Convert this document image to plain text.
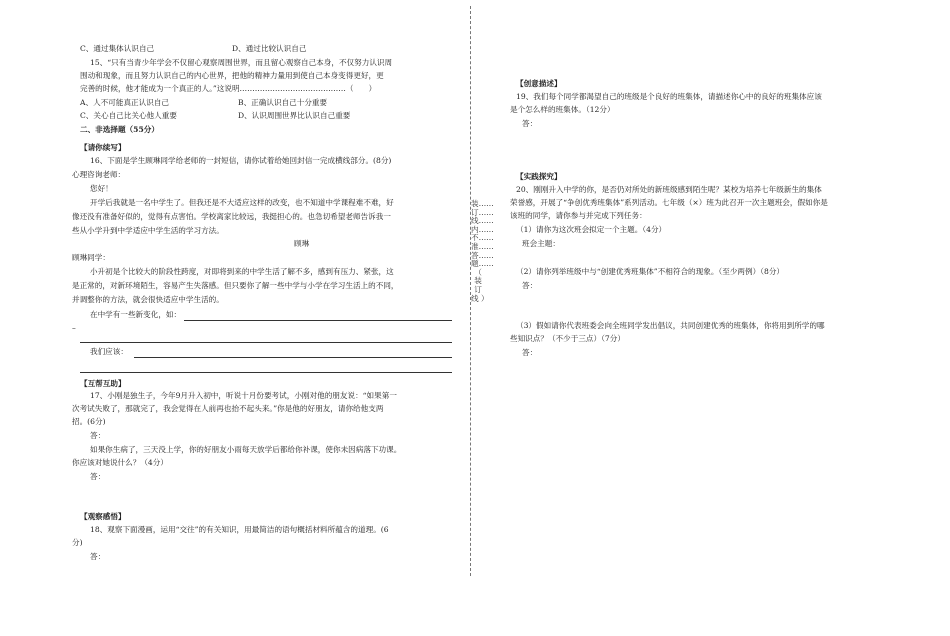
C、通过集体认识自己	D、通过比较认识自己
15、“只有当青少年学会不仅留心观察周围世界，而且留心观察自己本身，不仅努力认识周
围动和现象，而且努力认识自己的内心世界，把他的精神力量用到使自己本身变得更好，更
完善的时候，他才能成为一个真正的人。”这说明……………………………………（　　）
A、人不可能真正认识自己	B、正确认识自己十分重要
C、关心自己比关心他人重要	D、认识周围世界比认识自己重要
二、非选择题（55分）
【请你续写】
16、下面是学生顾琳同学给老师的一封短信，请你试着给她回封信一完成横线部分。(8分)
心理咨询老师：
您好！
开学后我就是一名中学生了。但我还是不大适应这样的改变，也不知道中学课程难不难，好
像还没有准备好似的，觉得有点害怕。学校离家比较远，我挺担心的。也急切希望老师告诉我一
些从小学升到中学适应中学生活的学习方法。
顾琳
顾琳同学：
小升初是个比较大的阶段性跨度，对即将到来的中学生活了解不多，感到有压力、紧张，这
是正常的，对新环境陌生，容易产生失落感。但只要你了解一些中学与小学在学习生活上的不同，
并调整你的方法，就会很快适应中学生活的。
在中学有一些新变化，如：
–
我们应该：
【互帮互助】
17、小刚是独生子，今年9月升入初中，听说十月份要考试，小刚对他的朋友说：“如果第一
次考试失败了，那就完了，我会觉得在人前再也抬不起头来。”你是他的好朋友，请你给他支两
招。(6分)
答：
如果你生病了，三天没上学，你的好朋友小雨每天放学后都给你补课，使你未因病落下功课。
你应该对她说什么？（4分）
答：
【观察感悟】
18、观察下面漫画，运用“交往”的有关知识，用最简洁的语句概括材料所蕴含的道理。(6
分)
答：
装……订……线……内……不……准……答……题……（ 装 订 线 ）
【创意描述】
19、我们每个同学都渴望自己的班级是个良好的班集体，请描述你心中的良好的班集体应该
是个怎么样的班集体。（12分）
答：
【实践探究】
20、刚刚升入中学的你，是否仍对所处的新班级感到陌生呢？某校为培养七年级新生的集体
荣誉感，开展了“争创优秀班集体”系列活动。七年级（×）班为此召开一次主题班会，假如你是
该班的同学，请你参与并完成下列任务：
（1）请你为这次班会拟定一个主题。（4分）
班会主题：
（2）请你列举班级中与“创建优秀班集体”不相符合的现象。（至少两例）（8分）
答：
（3）假如请你代表班委会向全班同学发出倡议，共同创建优秀的班集体，你将用到所学的哪
些知识点？（不少于三点）（7分）
答：
